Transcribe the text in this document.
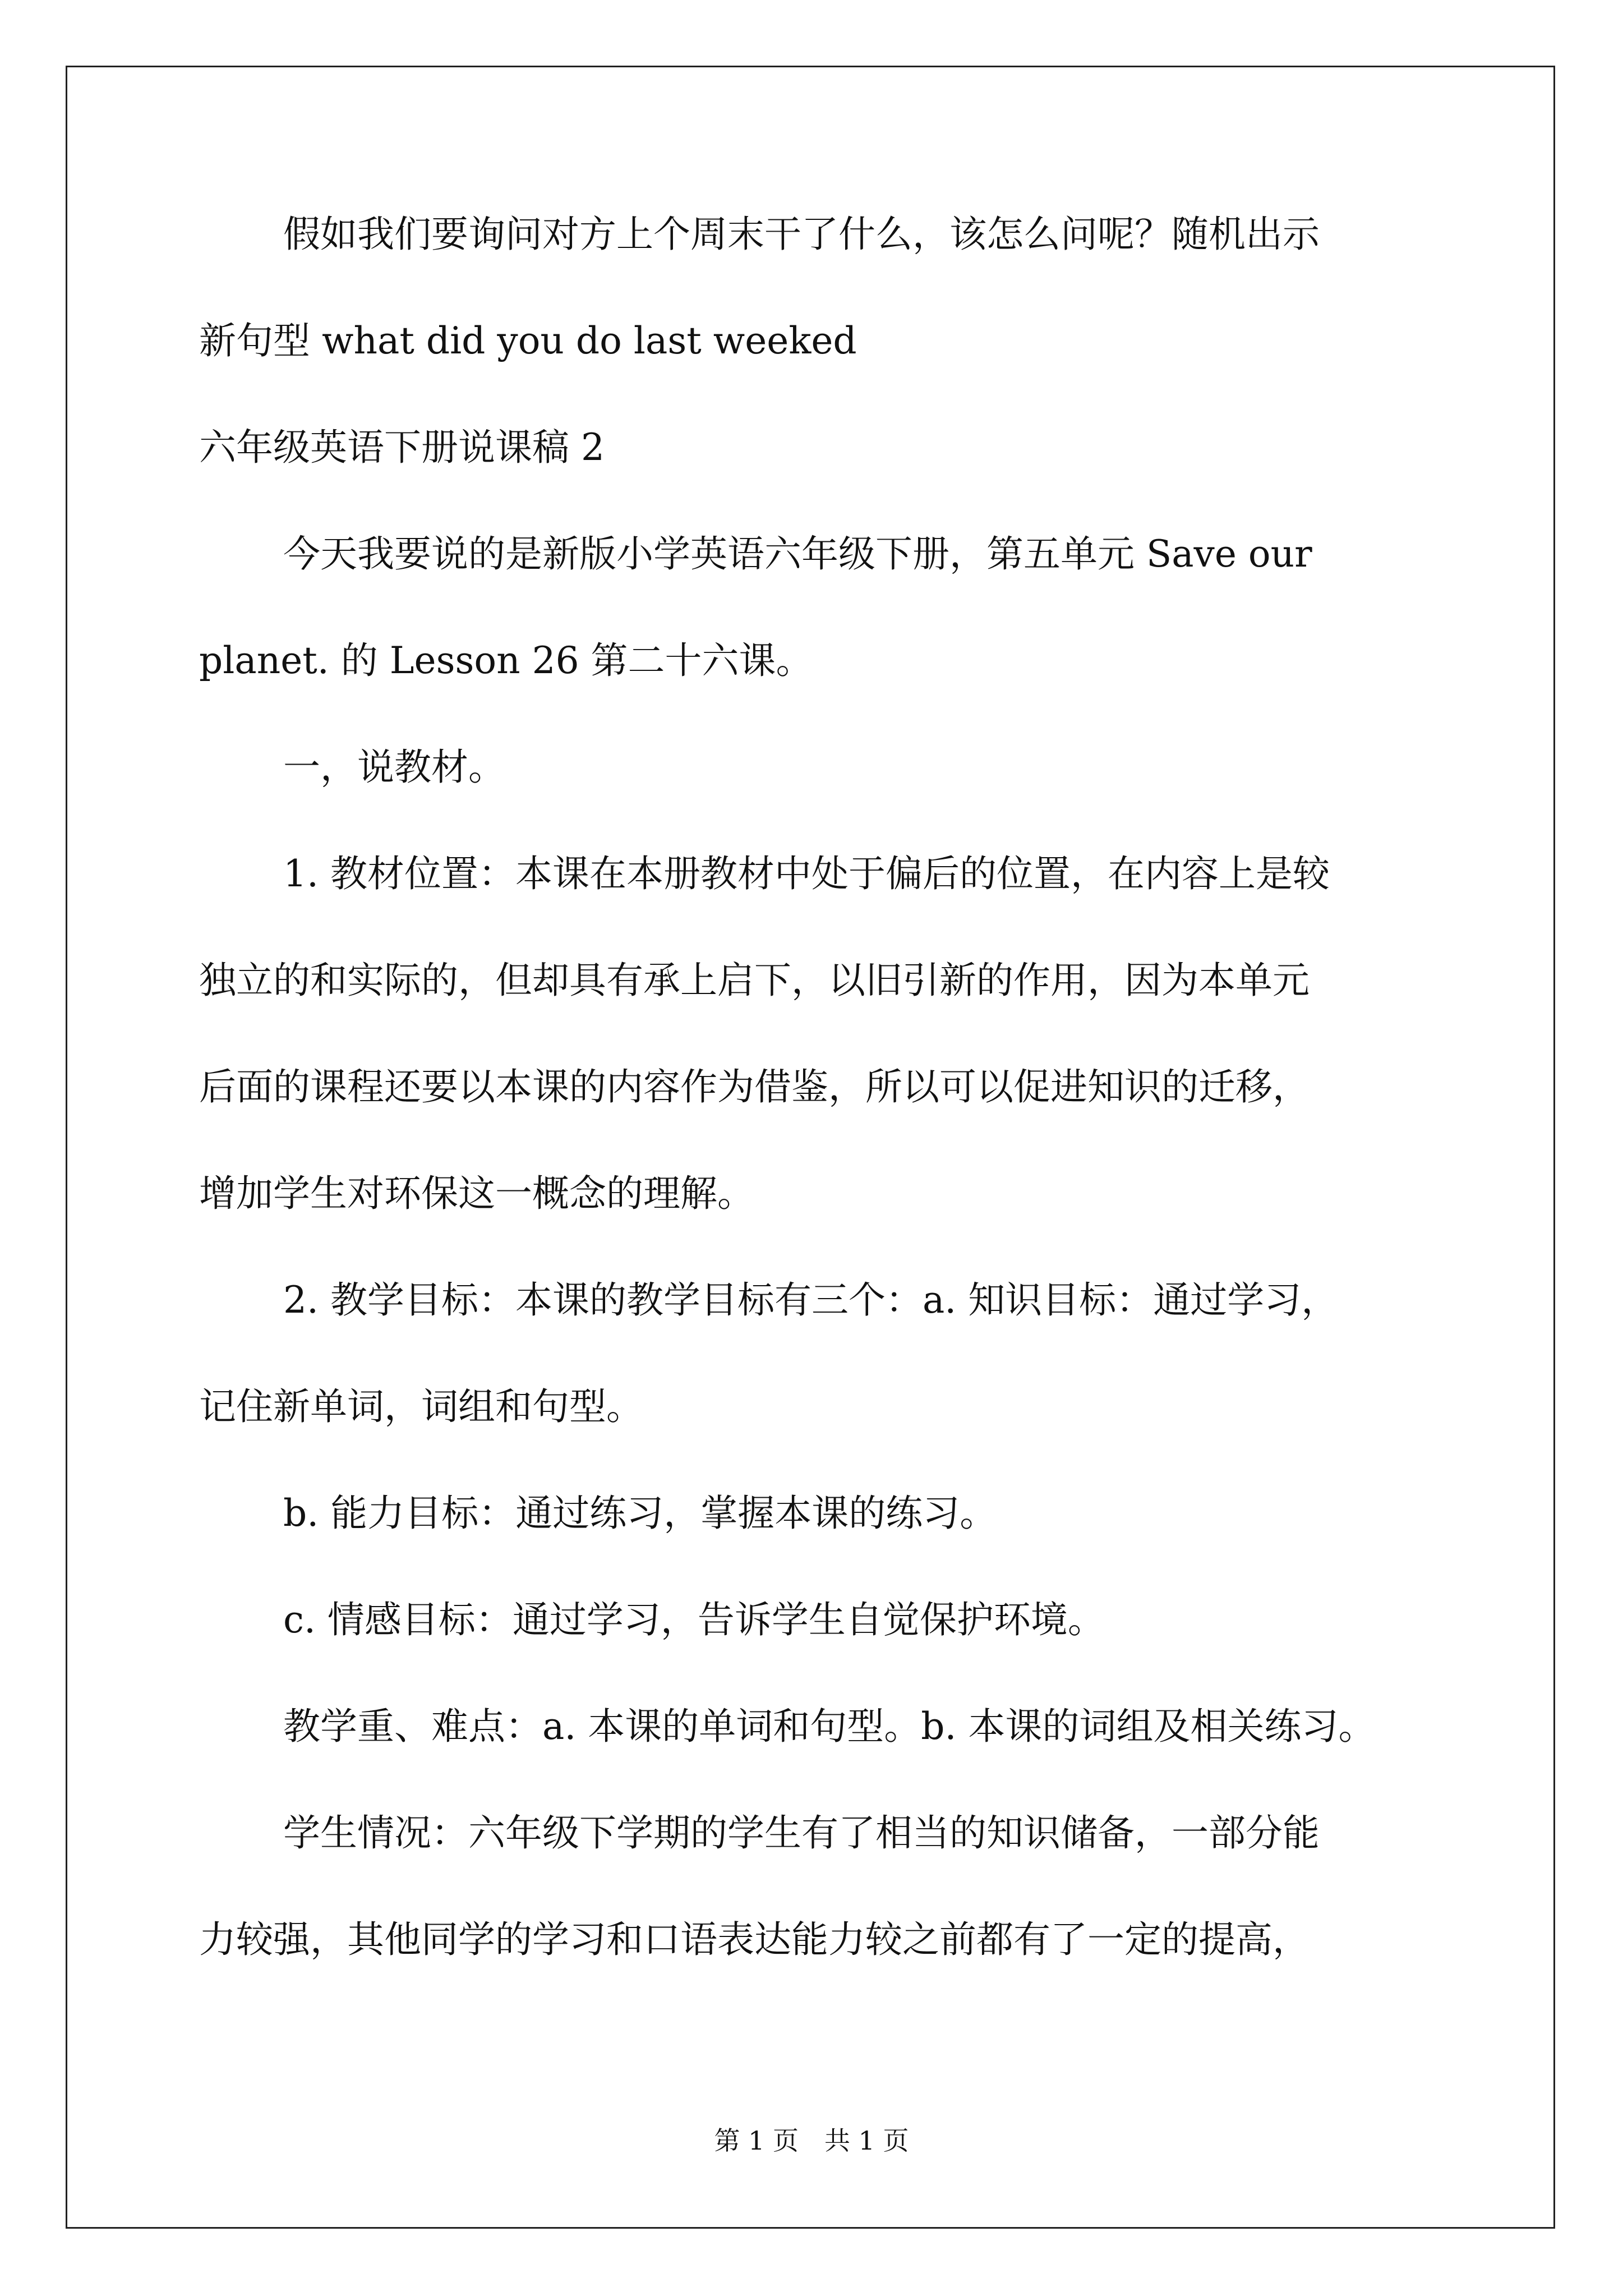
假如我们要询问对方上个周末干了什么，该怎么问呢？随机出示
新句型 what did you do last weeked
六年级英语下册说课稿 2
今天我要说的是新版小学英语六年级下册，第五单元 Save our
planet. 的 Lesson 26 第二十六课。
一，说教材。
1. 教材位置：本课在本册教材中处于偏后的位置，在内容上是较
独立的和实际的，但却具有承上启下，以旧引新的作用，因为本单元
后面的课程还要以本课的内容作为借鉴，所以可以促进知识的迁移，
增加学生对环保这一概念的理解。
2. 教学目标：本课的教学目标有三个：a. 知识目标：通过学习，
记住新单词，词组和句型。
b. 能力目标：通过练习，掌握本课的练习。
c. 情感目标：通过学习，告诉学生自觉保护环境。
教学重、难点：a. 本课的单词和句型。b. 本课的词组及相关练习。
学生情况：六年级下学期的学生有了相当的知识储备，一部分能
力较强，其他同学的学习和口语表达能力较之前都有了一定的提高，
第 1 页　共 1 页
